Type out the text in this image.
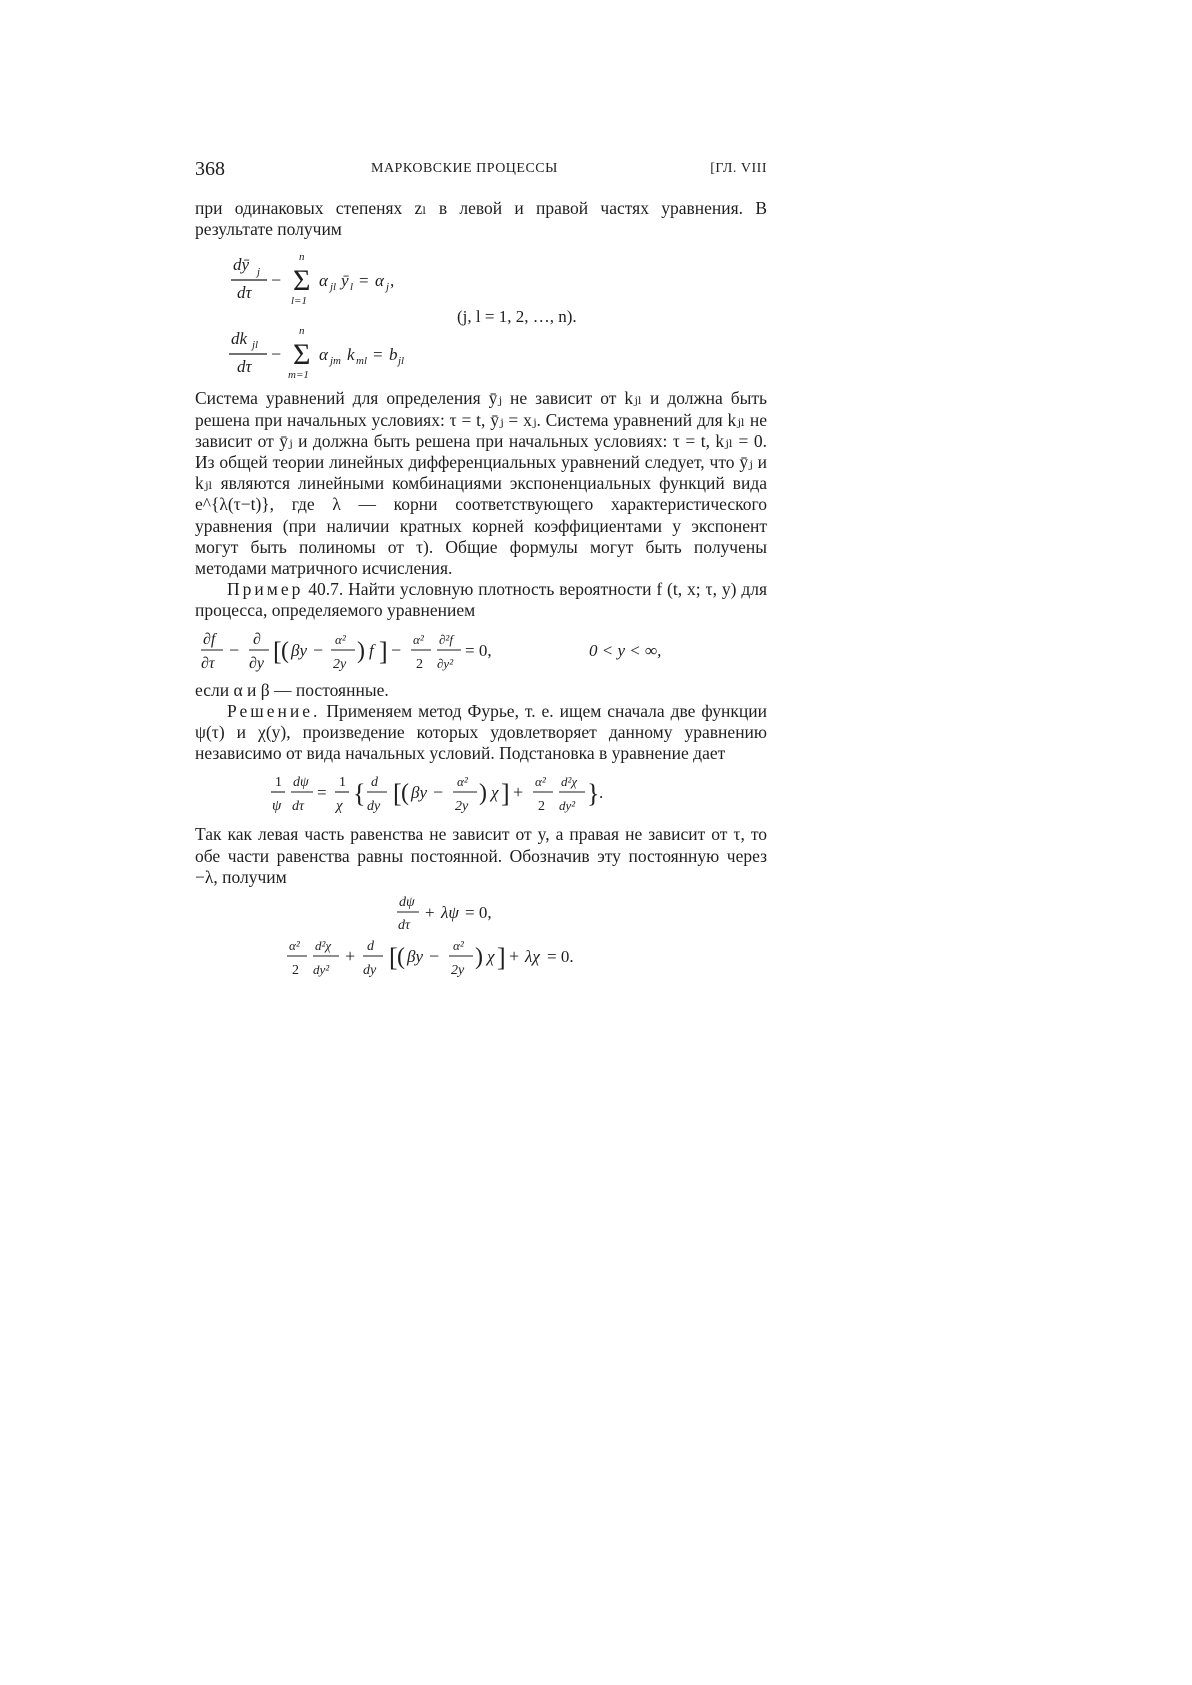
368	МАРКОВСКИЕ ПРОЦЕССЫ	[ГЛ. VIII

при одинаковых степенях zₗ в левой и правой частях уравнения. В результате получим

dȳ j
dτ
− Σ
n
l=1
α jl ȳ l = α j ,
(j, l = 1, 2, …, n).
dk jl
dτ
− Σ
n
m=1
α jm k ml = b jl

Система уравнений для определения ȳⱼ не зависит от kⱼₗ и должна быть решена при начальных условиях: τ = t, ȳⱼ = xⱼ. Система уравнений для kⱼₗ не зависит от ȳⱼ и должна быть решена при начальных условиях: τ = t, kⱼₗ = 0. Из общей теории линейных дифференциальных уравнений следует, что ȳⱼ и kⱼₗ являются линейными комбинациями экспоненциальных функций вида e^{λ(τ−t)}, где λ — корни соответствующего характеристического уравнения (при наличии кратных корней коэффициентами у экспонент могут быть полиномы от τ). Общие формулы могут быть получены методами матричного исчисления.

Пример 40.7. Найти условную плотность вероятности f (t, x; τ, y) для процесса, определяемого уравнением

∂f
∂τ
−
∂
∂y [ ( βy −
α²
2y
) f ] −
α²
2
∂²f
∂y²
= 0,	0 < y < ∞,

если α и β — постоянные.

Решение. Применяем метод Фурье, т. е. ищем сначала две функции ψ(τ) и χ(y), произведение которых удовлетворяет данному уравнению независимо от вида начальных условий. Подстановка в уравнение дает

1
ψ
dψ
dτ
=
1
χ { d
dy [ ( βy −
α²
2y
) χ ] +
α²
2
d²χ
dy² } .

Так как левая часть равенства не зависит от y, а правая не зависит от τ, то обе части равенства равны постоянной. Обозначив эту постоянную через −λ, получим

dψ
dτ
+ λψ = 0,
α²
2
d²χ
dy²
+ d
dy [ ( βy −
α²
2y
) χ ] + λχ = 0.
